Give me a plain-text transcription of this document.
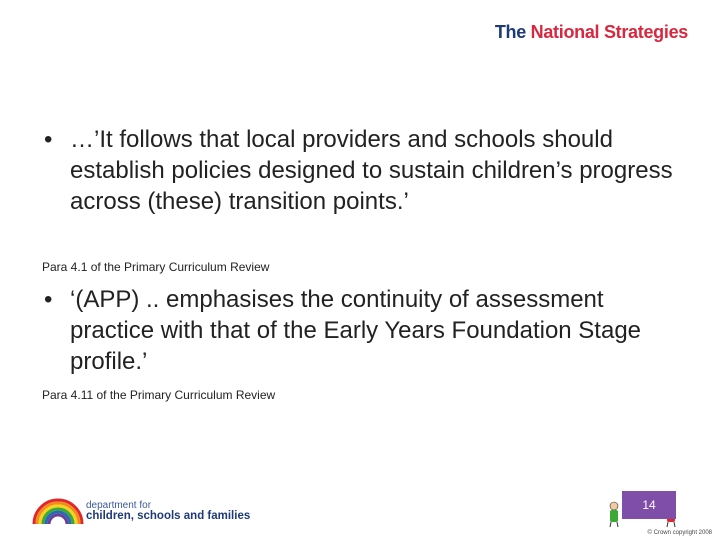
The National Strategies
• …’It follows that local providers and schools should establish policies designed to sustain children’s progress across (these) transition points.’
Para 4.1 of the Primary Curriculum Review
• ‘(APP) .. emphasises the continuity of assessment practice with that of the Early Years Foundation Stage profile.’
Para 4.11 of the Primary Curriculum Review
department for
children, schools and families
14
© Crown copyright 2008
